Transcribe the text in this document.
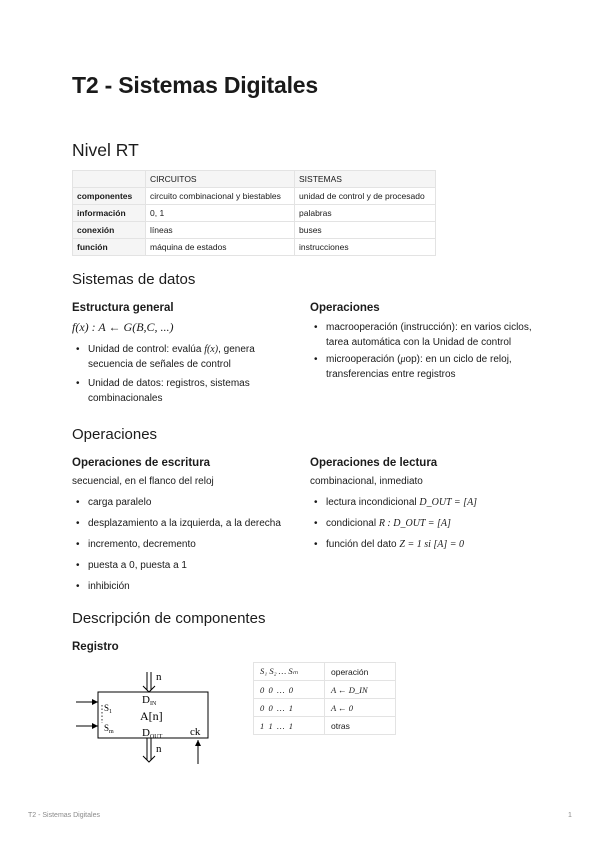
T2 - Sistemas Digitales
Nivel RT
	CIRCUITOS	SISTEMAS
componentes	circuito combinacional y biestables	unidad de control y de procesado
información	0, 1	palabras
conexión	líneas	buses
función	máquina de estados	instrucciones
Sistemas de datos
Estructura general
f(x) : A ← G(B,C, ...)
• Unidad de control: evalúa f(x), genera secuencia de señales de control
• Unidad de datos: registros, sistemas combinacionales
Operaciones
• macrooperación (instrucción): en varios ciclos, tarea automática con la Unidad de control
• microoperación (μop): en un ciclo de reloj, transferencias entre registros
Operaciones
Operaciones de escritura
secuencial, en el flanco del reloj
• carga paralelo
• desplazamiento a la izquierda, a la derecha
• incremento, decremento
• puesta a 0, puesta a 1
• inhibición
Operaciones de lectura
combinacional, inmediato
• lectura incondicional D_OUT = [A]
• condicional R : D_OUT = [A]
• función del dato Z = 1 si [A] = 0
Descripción de componentes
Registro
n
n
DIN
A[n]
DOUT
$S_1$
$S_m$	ck
S₁ S₂ … Sₘ	operación
0  0  …  0	A ← D_IN
0  0  …  1	A ← 0
1  1  …  1	otras
T2 - Sistemas Digitales	1
